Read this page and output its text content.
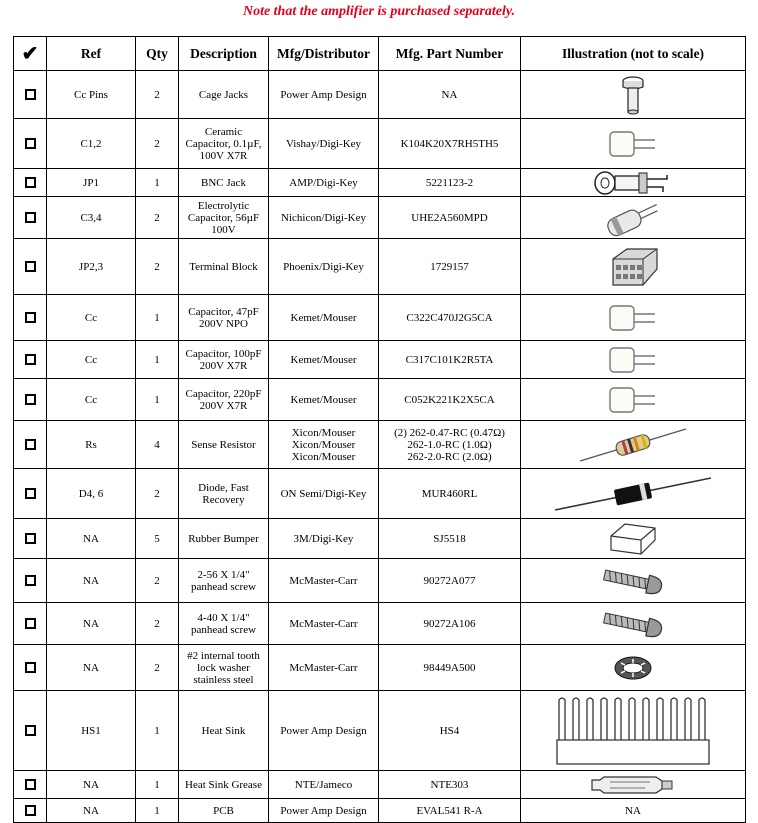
Note that the amplifier is purchased separately.
✔	Ref	Qty	Description	Mfg/Distributor	Mfg. Part Number	Illustration (not to scale)
	Cc Pins	2	Cage Jacks	Power Amp Design	NA

	C1,2	2	Ceramic
Capacitor, 0.1µF,
100V X7R	Vishay/Digi-Key	K104K20X7RH5TH5

	JP1	1	BNC Jack	AMP/Digi-Key	5221123-2

	C3,4	2	Electrolytic
Capacitor, 56µF
100V	Nichicon/Digi-Key	UHE2A560MPD

	JP2,3	2	Terminal Block	Phoenix/Digi-Key	1729157

	Cc	1	Capacitor, 47pF
200V NPO	Kemet/Mouser	C322C470J2G5CA

	Cc	1	Capacitor, 100pF
200V X7R	Kemet/Mouser	C317C101K2R5TA

	Cc	1	Capacitor, 220pF
200V X7R	Kemet/Mouser	C052K221K2X5CA

	Rs	4	Sense Resistor	Xicon/Mouser
Xicon/Mouser
Xicon/Mouser	(2) 262-0.47-RC (0.47Ω)
262-1.0-RC (1.0Ω)
262-2.0-RC (2.0Ω)

	D4, 6	2	Diode, Fast
Recovery	ON Semi/Digi-Key	MUR460RL

	NA	5	Rubber Bumper	3M/Digi-Key	SJ5518

	NA	2	2-56 X 1/4"
panhead screw	McMaster-Carr	90272A077

	NA	2	4-40 X 1/4"
panhead screw	McMaster-Carr	90272A106

	NA	2	#2 internal tooth
lock washer
stainless steel	McMaster-Carr	98449A500

	HS1	1	Heat Sink	Power Amp Design	HS4

	NA	1	Heat Sink Grease	NTE/Jameco	NTE303

	NA	1	PCB	Power Amp Design	EVAL541 R-A	NA
